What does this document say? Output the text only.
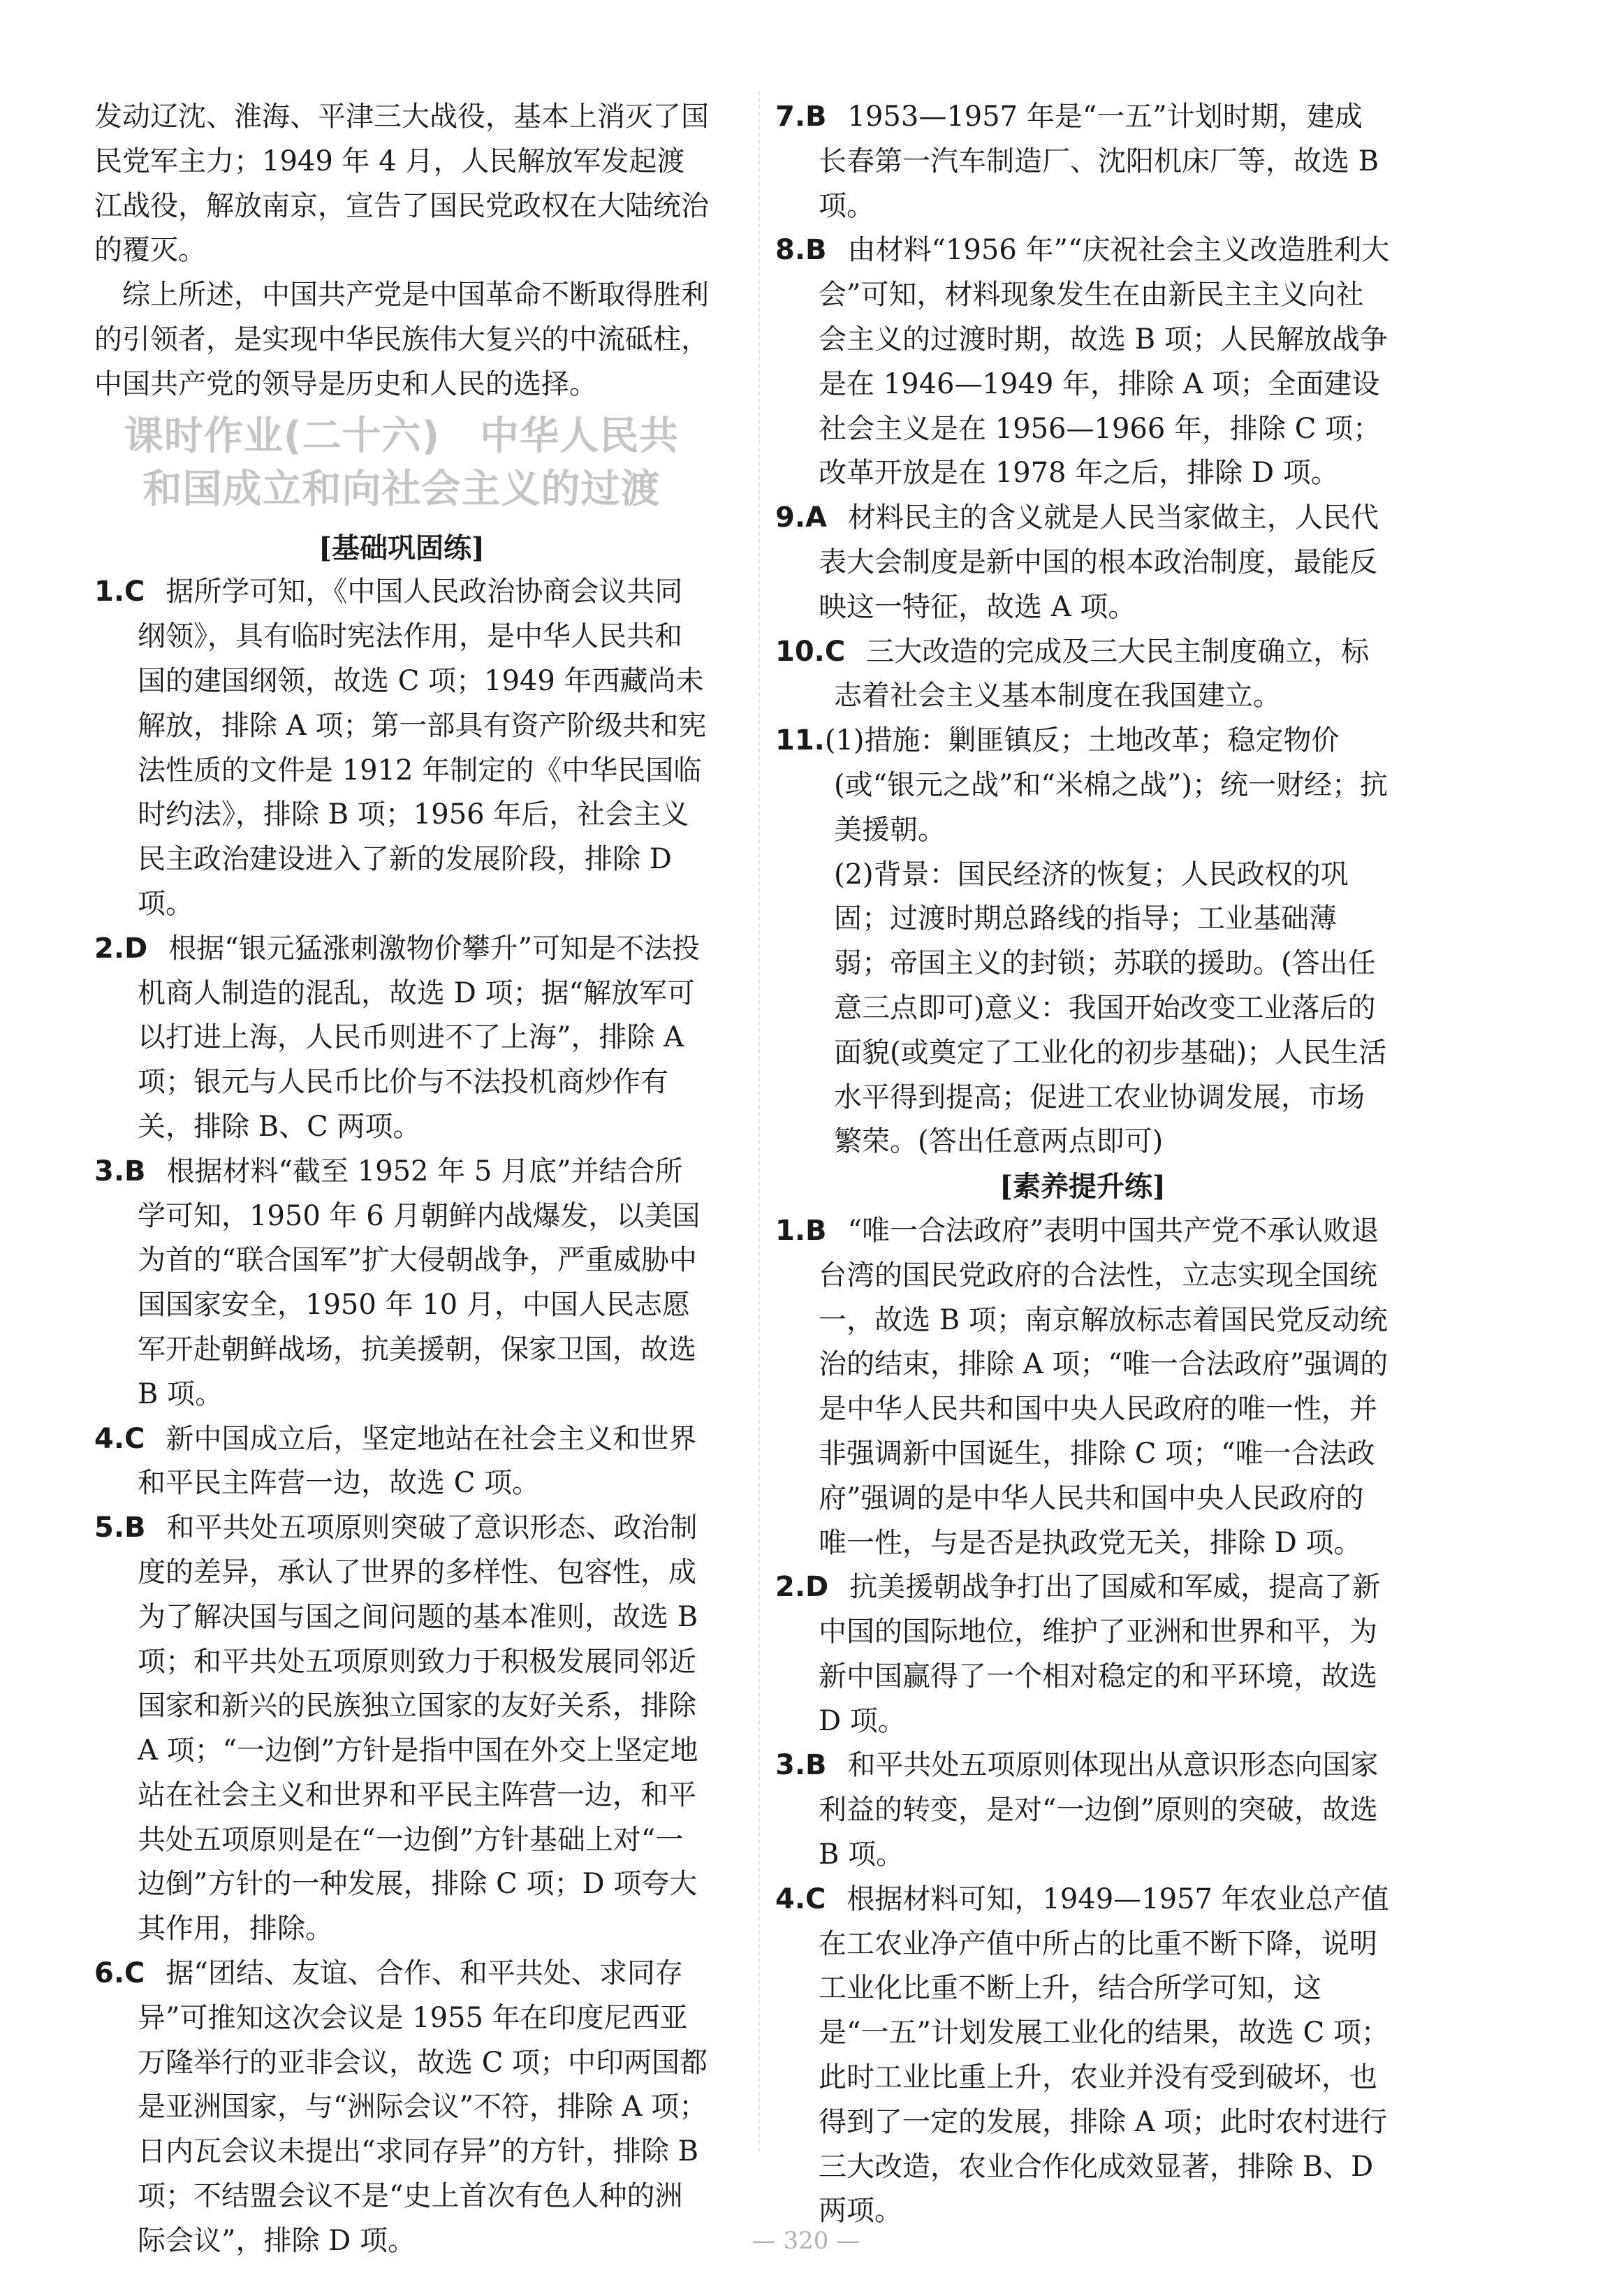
发动辽沈、淮海、平津三大战役，基本上消灭了国民党军主力；1949 年 4 月，人民解放军发起渡江战役，解放南京，宣告了国民党政权在大陆统治的覆灭。
综上所述，中国共产党是中国革命不断取得胜利的引领者，是实现中华民族伟大复兴的中流砥柱，中国共产党的领导是历史和人民的选择。
课时作业(二十六)　中华人民共
和国成立和向社会主义的过渡
[基础巩固练]
1.C 据所学可知，《中国人民政治协商会议共同纲领》，具有临时宪法作用，是中华人民共和国的建国纲领，故选 C 项；1949 年西藏尚未解放，排除 A 项；第一部具有资产阶级共和宪法性质的文件是 1912 年制定的《中华民国临时约法》，排除 B 项；1956 年后，社会主义民主政治建设进入了新的发展阶段，排除 D 项。
2.D 根据“银元猛涨刺激物价攀升”可知是不法投机商人制造的混乱，故选 D 项；据“解放军可以打进上海，人民币则进不了上海”，排除 A 项；银元与人民币比价与不法投机商炒作有关，排除 B、C 两项。
3.B 根据材料“截至 1952 年 5 月底”并结合所学可知，1950 年 6 月朝鲜内战爆发，以美国为首的“联合国军”扩大侵朝战争，严重威胁中国国家安全，1950 年 10 月，中国人民志愿军开赴朝鲜战场，抗美援朝，保家卫国，故选 B 项。
4.C 新中国成立后，坚定地站在社会主义和世界和平民主阵营一边，故选 C 项。
5.B 和平共处五项原则突破了意识形态、政治制度的差异，承认了世界的多样性、包容性，成为了解决国与国之间问题的基本准则，故选 B 项；和平共处五项原则致力于积极发展同邻近国家和新兴的民族独立国家的友好关系，排除 A 项；“一边倒”方针是指中国在外交上坚定地站在社会主义和世界和平民主阵营一边，和平共处五项原则是在“一边倒”方针基础上对“一边倒”方针的一种发展，排除 C 项；D 项夸大其作用，排除。
6.C 据“团结、友谊、合作、和平共处、求同存异”可推知这次会议是 1955 年在印度尼西亚万隆举行的亚非会议，故选 C 项；中印两国都是亚洲国家，与“洲际会议”不符，排除 A 项；日内瓦会议未提出“求同存异”的方针，排除 B 项；不结盟会议不是“史上首次有色人种的洲际会议”，排除 D 项。
7.B 1953—1957 年是“一五”计划时期，建成长春第一汽车制造厂、沈阳机床厂等，故选 B 项。
8.B 由材料“1956 年”“庆祝社会主义改造胜利大会”可知，材料现象发生在由新民主主义向社会主义的过渡时期，故选 B 项；人民解放战争是在 1946—1949 年，排除 A 项；全面建设社会主义是在 1956—1966 年，排除 C 项；改革开放是在 1978 年之后，排除 D 项。
9.A 材料民主的含义就是人民当家做主，人民代表大会制度是新中国的根本政治制度，最能反映这一特征，故选 A 项。
10.C 三大改造的完成及三大民主制度确立，标志着社会主义基本制度在我国建立。
11.(1)措施：剿匪镇反；土地改革；稳定物价(或“银元之战”和“米棉之战”)；统一财经；抗美援朝。
(2)背景：国民经济的恢复；人民政权的巩固；过渡时期总路线的指导；工业基础薄弱；帝国主义的封锁；苏联的援助。(答出任意三点即可)意义：我国开始改变工业落后的面貌(或奠定了工业化的初步基础)；人民生活水平得到提高；促进工农业协调发展，市场繁荣。(答出任意两点即可)
[素养提升练]
1.B “唯一合法政府”表明中国共产党不承认败退台湾的国民党政府的合法性，立志实现全国统一，故选 B 项；南京解放标志着国民党反动统治的结束，排除 A 项；“唯一合法政府”强调的是中华人民共和国中央人民政府的唯一性，并非强调新中国诞生，排除 C 项；“唯一合法政府”强调的是中华人民共和国中央人民政府的唯一性，与是否是执政党无关，排除 D 项。
2.D 抗美援朝战争打出了国威和军威，提高了新中国的国际地位，维护了亚洲和世界和平，为新中国赢得了一个相对稳定的和平环境，故选 D 项。
3.B 和平共处五项原则体现出从意识形态向国家利益的转变，是对“一边倒”原则的突破，故选 B 项。
4.C 根据材料可知，1949—1957 年农业总产值在工农业净产值中所占的比重不断下降，说明工业化比重不断上升，结合所学可知，这是“一五”计划发展工业化的结果，故选 C 项；此时工业比重上升，农业并没有受到破坏，也得到了一定的发展，排除 A 项；此时农村进行三大改造，农业合作化成效显著，排除 B、D 两项。
— 320 —
